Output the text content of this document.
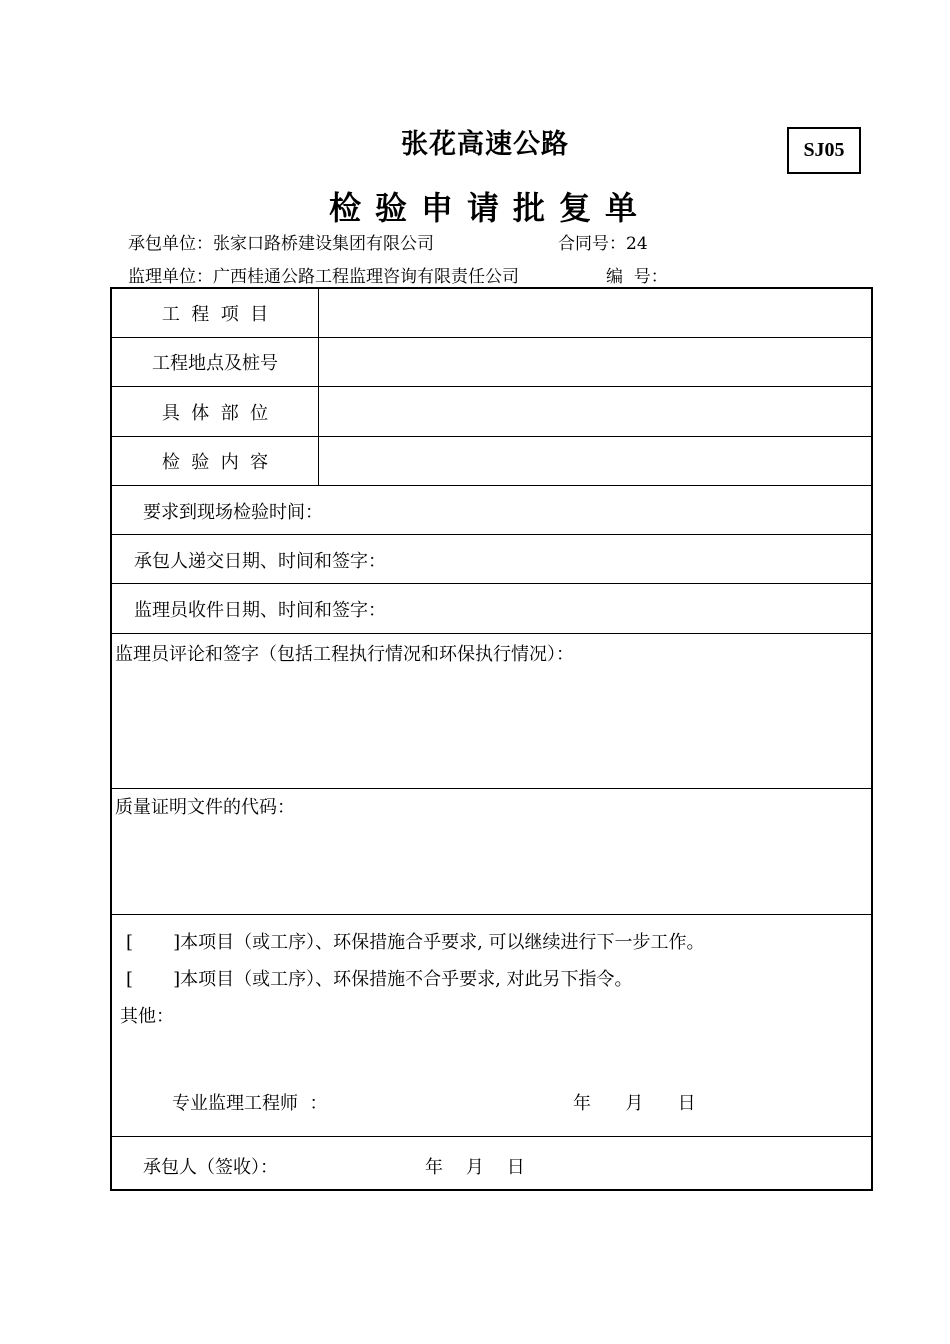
张花高速公路	SJ05
检验申请批复单
承包单位：张家口路桥建设集团有限公司	合同号：24
监理单位：广西桂通公路工程监理咨询有限责任公司	编  号：
工  程  项  目
工程地点及桩号
具  体  部  位
检  验  内  容
要求到现场检验时间：
承包人递交日期、时间和签字：
监理员收件日期、时间和签字：
监理员评论和签字（包括工程执行情况和环保执行情况）：
质量证明文件的代码：
[       ]本项目（或工序）、环保措施合乎要求, 可以继续进行下一步工作。
[       ]本项目（或工序）、环保措施不合乎要求, 对此另下指令。
其他：
专业监理工程师  ：	年      月      日
承包人（签收）：	年    月    日
